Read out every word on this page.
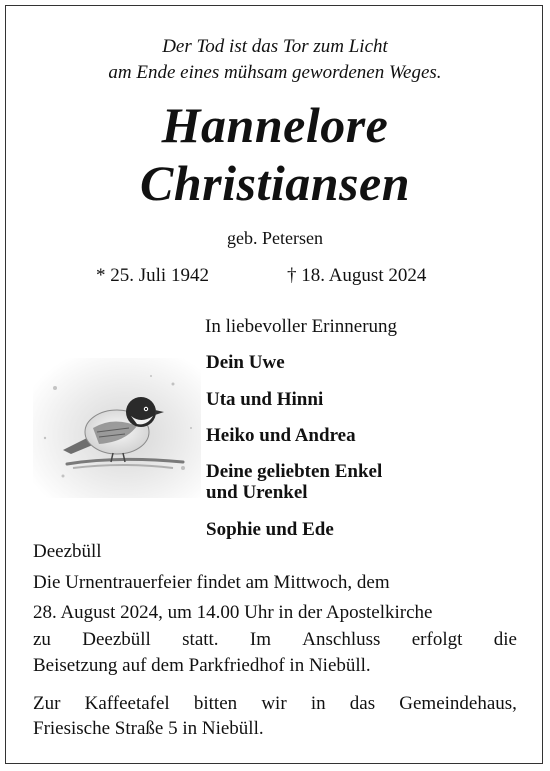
Der Tod ist das Tor zum Licht
am Ende eines mühsam gewordenen Weges.
Hannelore
Christiansen
geb. Petersen
* 25. Juli 1942	† 18. August 2024
In liebevoller Erinnerung
Dein Uwe
Uta und Hinni
Heiko und Andrea
Deine geliebten Enkel
und Urenkel
Sophie und Ede
Deezbüll
Die Urnentrauerfeier findet am Mittwoch, dem
28. August 2024, um 14.00 Uhr in der Apostelkirche
zu Deezbüll statt. Im Anschluss erfolgt die
Beisetzung auf dem Parkfriedhof in Niebüll.
Zur Kaffeetafel bitten wir in das Gemeindehaus,
Friesische Straße 5 in Niebüll.
